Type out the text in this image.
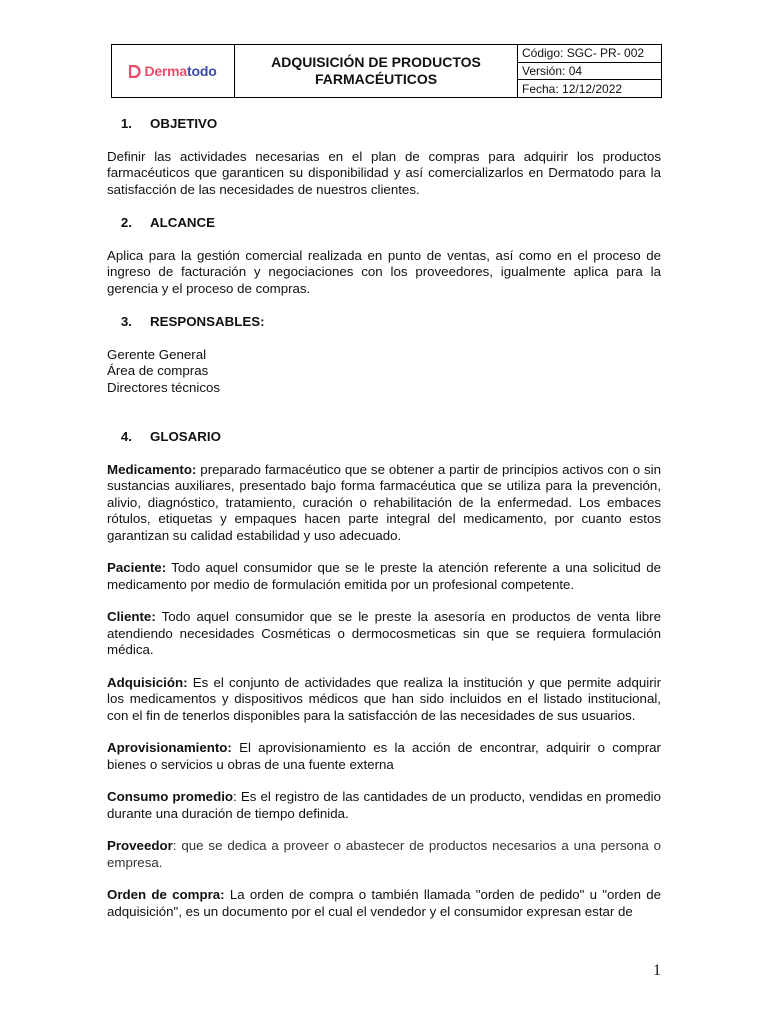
Derma todo
ADQUISICIÓN DE PRODUCTOS
FARMACÉUTICOS
Código: SGC- PR- 002
Versión: 04
Fecha: 12/12/2022
1.	OBJETIVO

Definir las actividades necesarias en el plan de compras para adquirir los productos farmacéuticos que garanticen su disponibilidad y así comercializarlos en Dermatodo para la satisfacción de las necesidades de nuestros clientes.

2.	ALCANCE

Aplica para la gestión comercial realizada en punto de ventas, así como en el proceso de ingreso de facturación y negociaciones con los proveedores, igualmente aplica para la gerencia y el proceso de compras.

3.	RESPONSABLES:
Gerente General
Área de compras
Directores técnicos
4.	GLOSARIO

Medicamento: preparado farmacéutico que se obtener a partir de principios activos con o sin sustancias auxiliares, presentado bajo forma farmacéutica que se utiliza para la prevención, alivio, diagnóstico, tratamiento, curación o rehabilitación de la enfermedad. Los embaces rótulos, etiquetas y empaques hacen parte integral del medicamento, por cuanto estos garantizan su calidad estabilidad y uso adecuado.

Paciente: Todo aquel consumidor que se le preste la atención referente a una solicitud de medicamento por medio de formulación emitida por un profesional competente.

Cliente: Todo aquel consumidor que se le preste la asesoría en productos de venta libre atendiendo necesidades Cosméticas o dermocosmeticas sin que se requiera formulación médica.

Adquisición: Es el conjunto de actividades que realiza la institución y que permite adquirir los medicamentos y dispositivos médicos que han sido incluidos en el listado institucional, con el fin de tenerlos disponibles para la satisfacción de las necesidades de sus usuarios.

Aprovisionamiento: El aprovisionamiento es la acción de encontrar, adquirir o comprar bienes o servicios u obras de una fuente externa

Consumo promedio: Es el registro de las cantidades de un producto, vendidas en promedio durante una duración de tiempo definida.

Proveedor: que se dedica a proveer o abastecer de productos necesarios a una persona o empresa.

Orden de compra: La orden de compra o también llamada "orden de pedido" u "orden de adquisición", es un documento por el cual el vendedor y el consumidor expresan estar de

1
